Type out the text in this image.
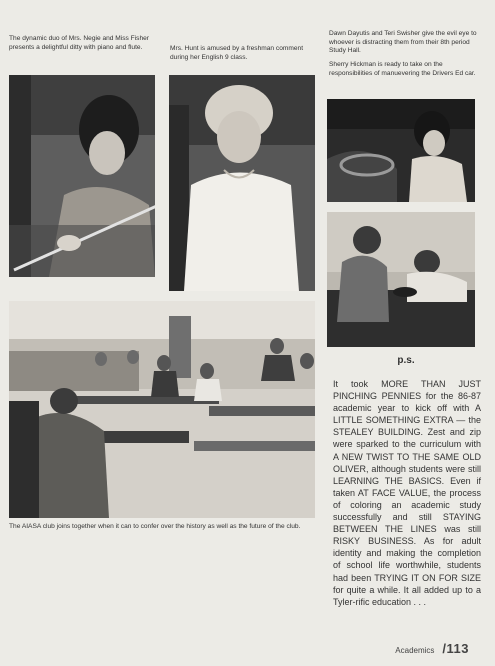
The dynamic duo of Mrs. Negie and Miss Fisher presents a delightful ditty with piano and flute.	Mrs. Hunt is amused by a freshman comment during her English 9 class.
Dawn Dayutis and Teri Swisher give the evil eye to whoever is distracting them from their 8th period Study Hall.
Sherry Hickman is ready to take on the responsibilities of manuevering the Drivers Ed car.
The AIASA club joins together when it can to confer over the history as well as the future of the club.
p.s.
It took MORE THAN JUST PINCHING PENNIES for the 86-87 academic year to kick off with A LITTLE SOMETHING EXTRA — the STEALEY BUILDING. Zest and zip were sparked to the curriculum with A NEW TWIST TO THE SAME OLD OLIVER, although students were still LEARNING THE BASICS. Even if taken AT FACE VALUE, the process of coloring an academic study successfully and still STAYING BETWEEN THE LINES was still RISKY BUSINESS. As for adult identity and making the completion of school life worthwhile, students had been TRYING IT ON FOR SIZE for quite a while. It all added up to a Tyler-rific education . . .
Academics /113
